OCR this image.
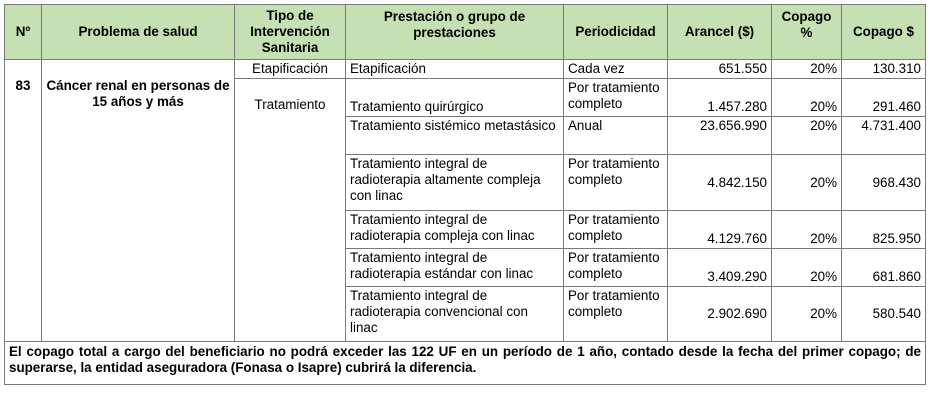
Nº	Problema de salud	Tipo de Intervención Sanitaria	Prestación o grupo de prestaciones	Periodicidad	Arancel ($)	Copago %	Copago $
83	Cáncer renal en personas de 15 años y más	Etapificación	Etapificación	Cada vez	651.550	20%	130.310
		Tratamiento	Tratamiento quirúrgico	Por tratamiento completo	1.457.280	20%	291.460
			Tratamiento sistémico metastásico	Anual	23.656.990	20%	4.731.400
			Tratamiento integral de radioterapia altamente compleja con linac	Por tratamiento completo	4.842.150	20%	968.430
			Tratamiento integral de radioterapia compleja con linac	Por tratamiento completo	4.129.760	20%	825.950
			Tratamiento integral de radioterapia estándar con linac	Por tratamiento completo	3.409.290	20%	681.860
			Tratamiento integral de radioterapia convencional con linac	Por tratamiento completo	2.902.690	20%	580.540
El copago total a cargo del beneficiario no podrá exceder las 122 UF en un período de 1 año, contado desde la fecha del primer copago; de superarse, la entidad aseguradora (Fonasa o Isapre) cubrirá la diferencia.							
